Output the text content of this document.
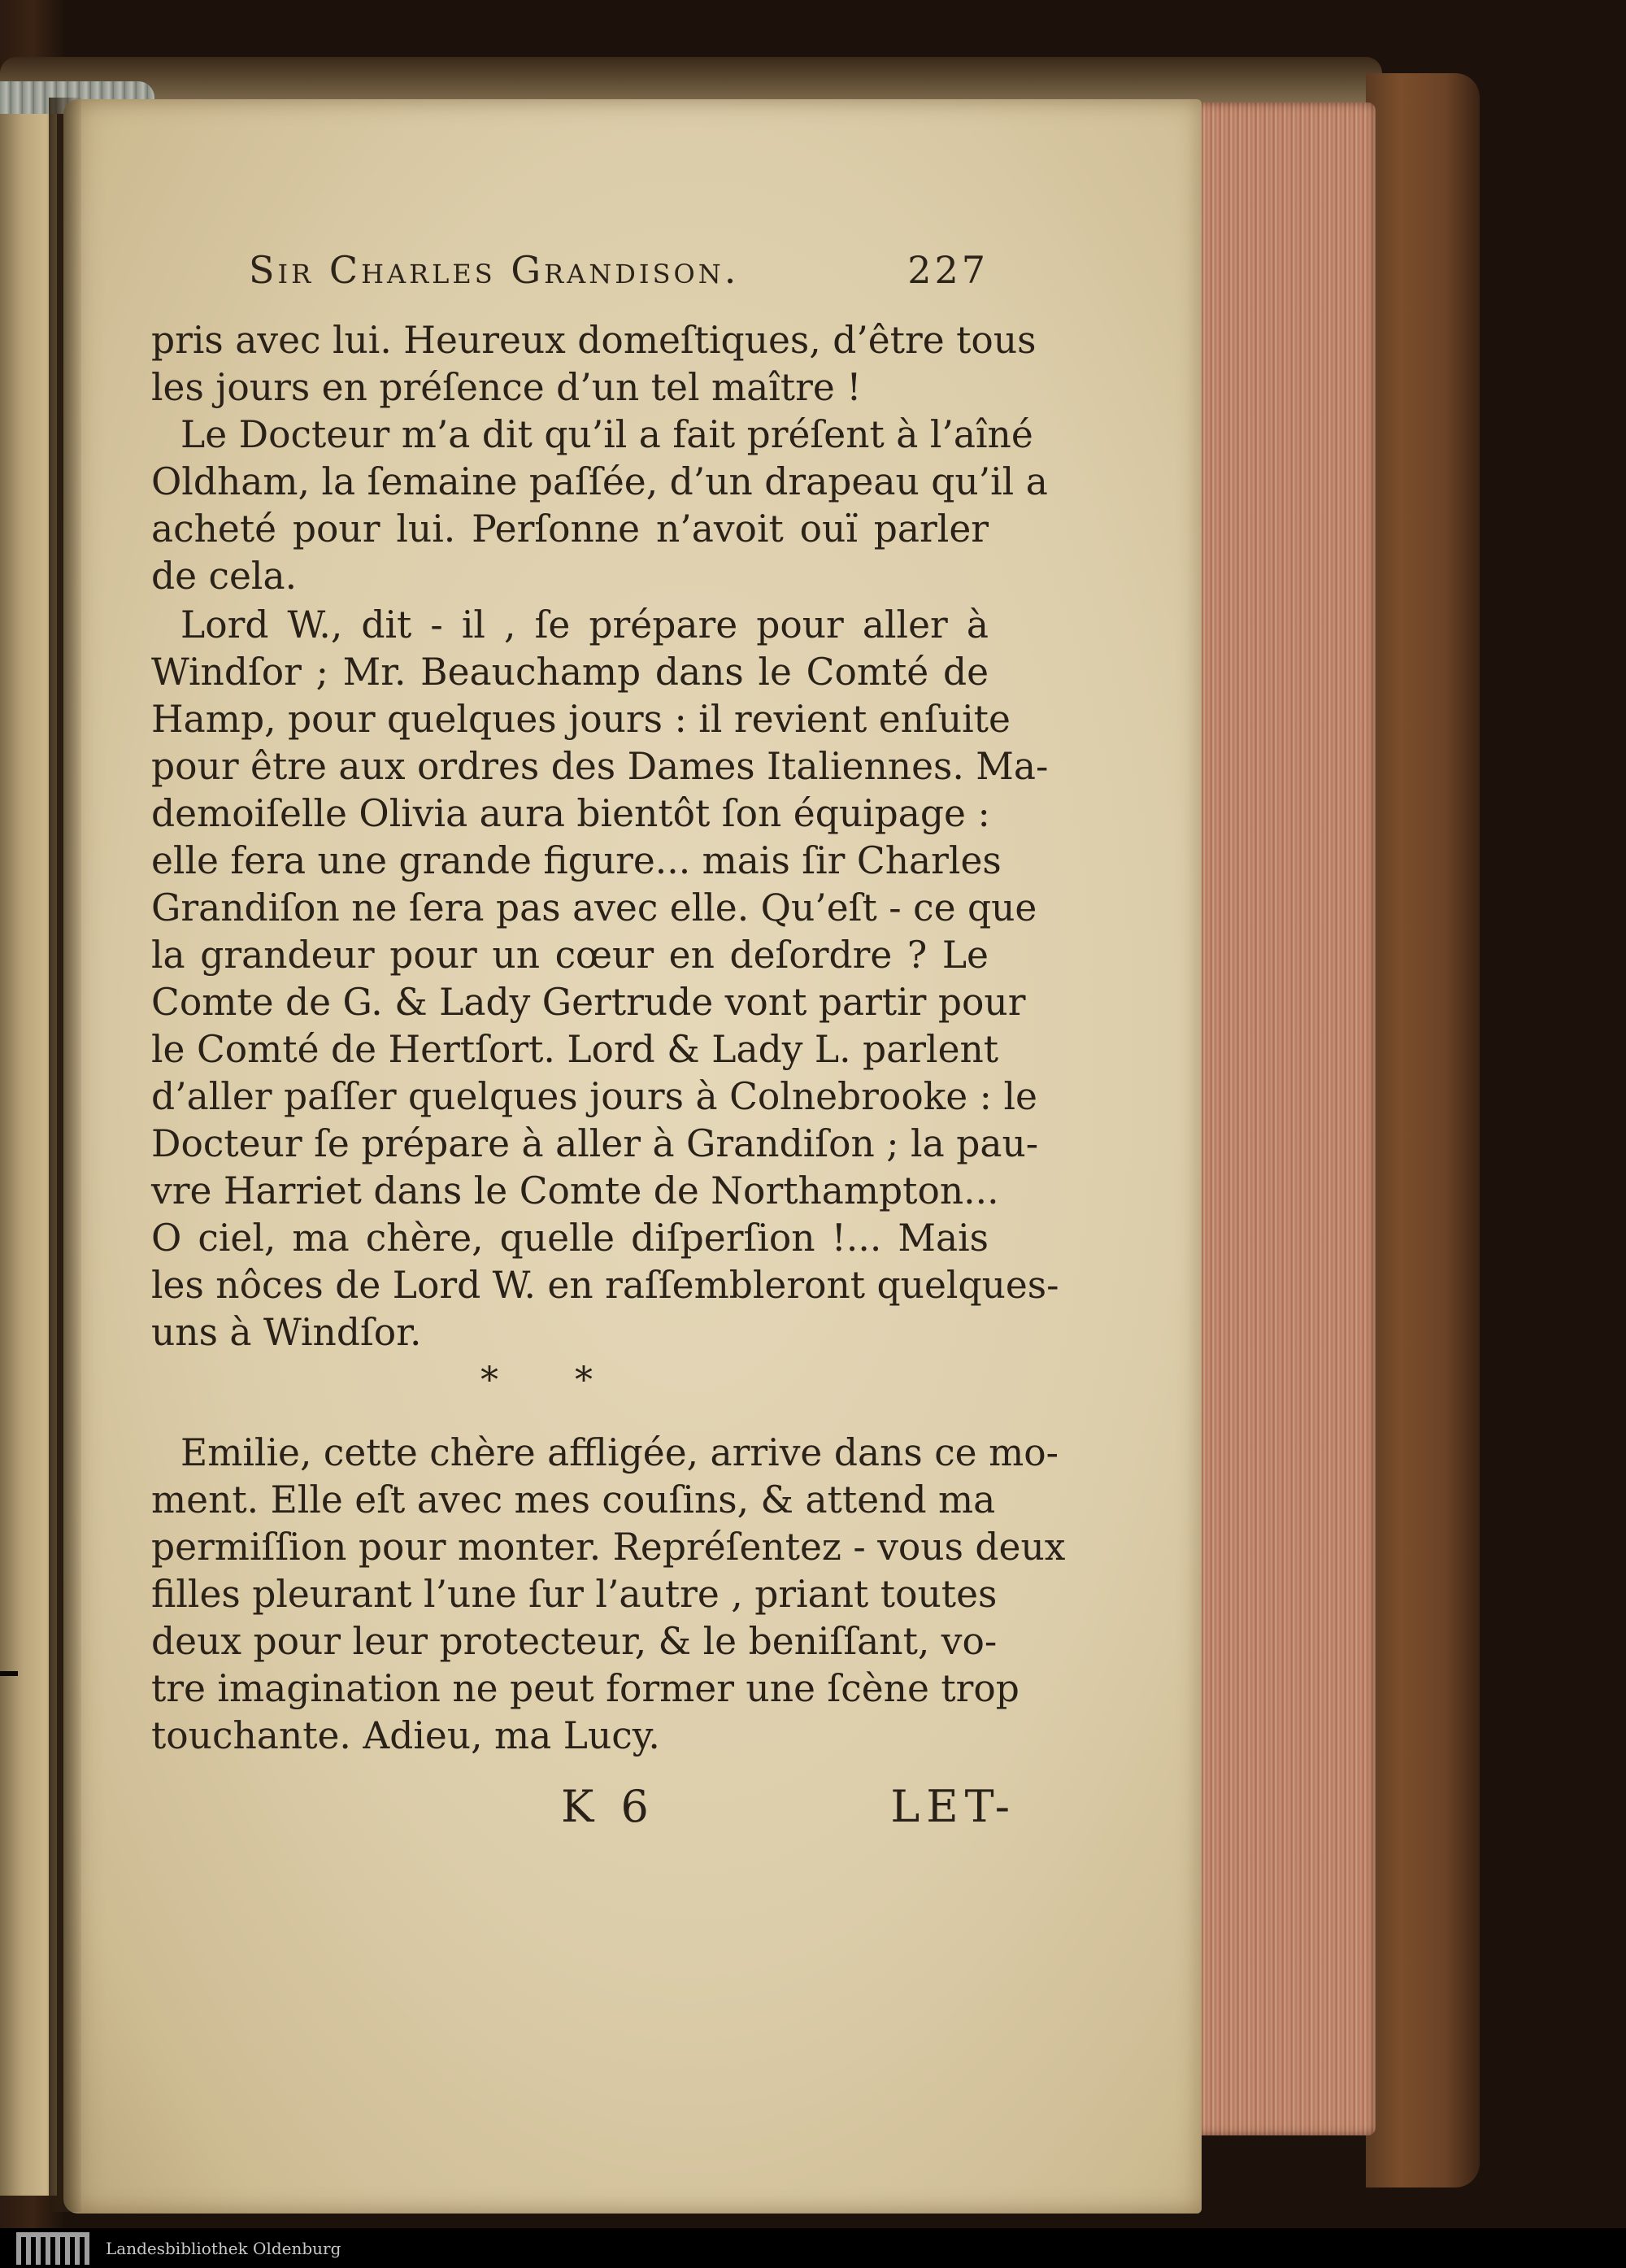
Sir Charles Grandison.	227
pris avec lui. Heureux domeſtiques, d’être tous
les jours en préſence d’un tel maître !
Le Docteur m’a dit qu’il a fait préſent à l’aîné
Oldham, la ſemaine paſſée, d’un drapeau qu’il a
acheté pour lui. Perſonne n’avoit ouï parler
de cela.
Lord W., dit - il , ſe prépare pour aller à
Windſor ; Mr. Beauchamp dans le Comté de
Hamp, pour quelques jours : il revient enſuite
pour être aux ordres des Dames Italiennes. Ma-
demoiſelle Olivia aura bientôt ſon équipage :
elle fera une grande figure... mais ſir Charles
Grandiſon ne ſera pas avec elle. Qu’eſt - ce que
la grandeur pour un cœur en deſordre ? Le
Comte de G. & Lady Gertrude vont partir pour
le Comté de Hertſort. Lord & Lady L. parlent
d’aller paſſer quelques jours à Colnebrooke : le
Docteur ſe prépare à aller à Grandiſon ; la pau-
vre Harriet dans le Comte de Northampton...
O ciel, ma chère, quelle diſperſion !... Mais
les nôces de Lord W. en raſſembleront quelques-
uns à Windſor.
* *
Emilie, cette chère affligée, arrive dans ce mo-
ment. Elle eſt avec mes couſins, & attend ma
permiſſion pour monter. Repréſentez - vous deux
filles pleurant l’une ſur l’autre , priant toutes
deux pour leur protecteur, & le beniſſant, vo-
tre imagination ne peut former une ſcène trop
touchante. Adieu, ma Lucy.
K 6	LET-
Landesbibliothek Oldenburg
